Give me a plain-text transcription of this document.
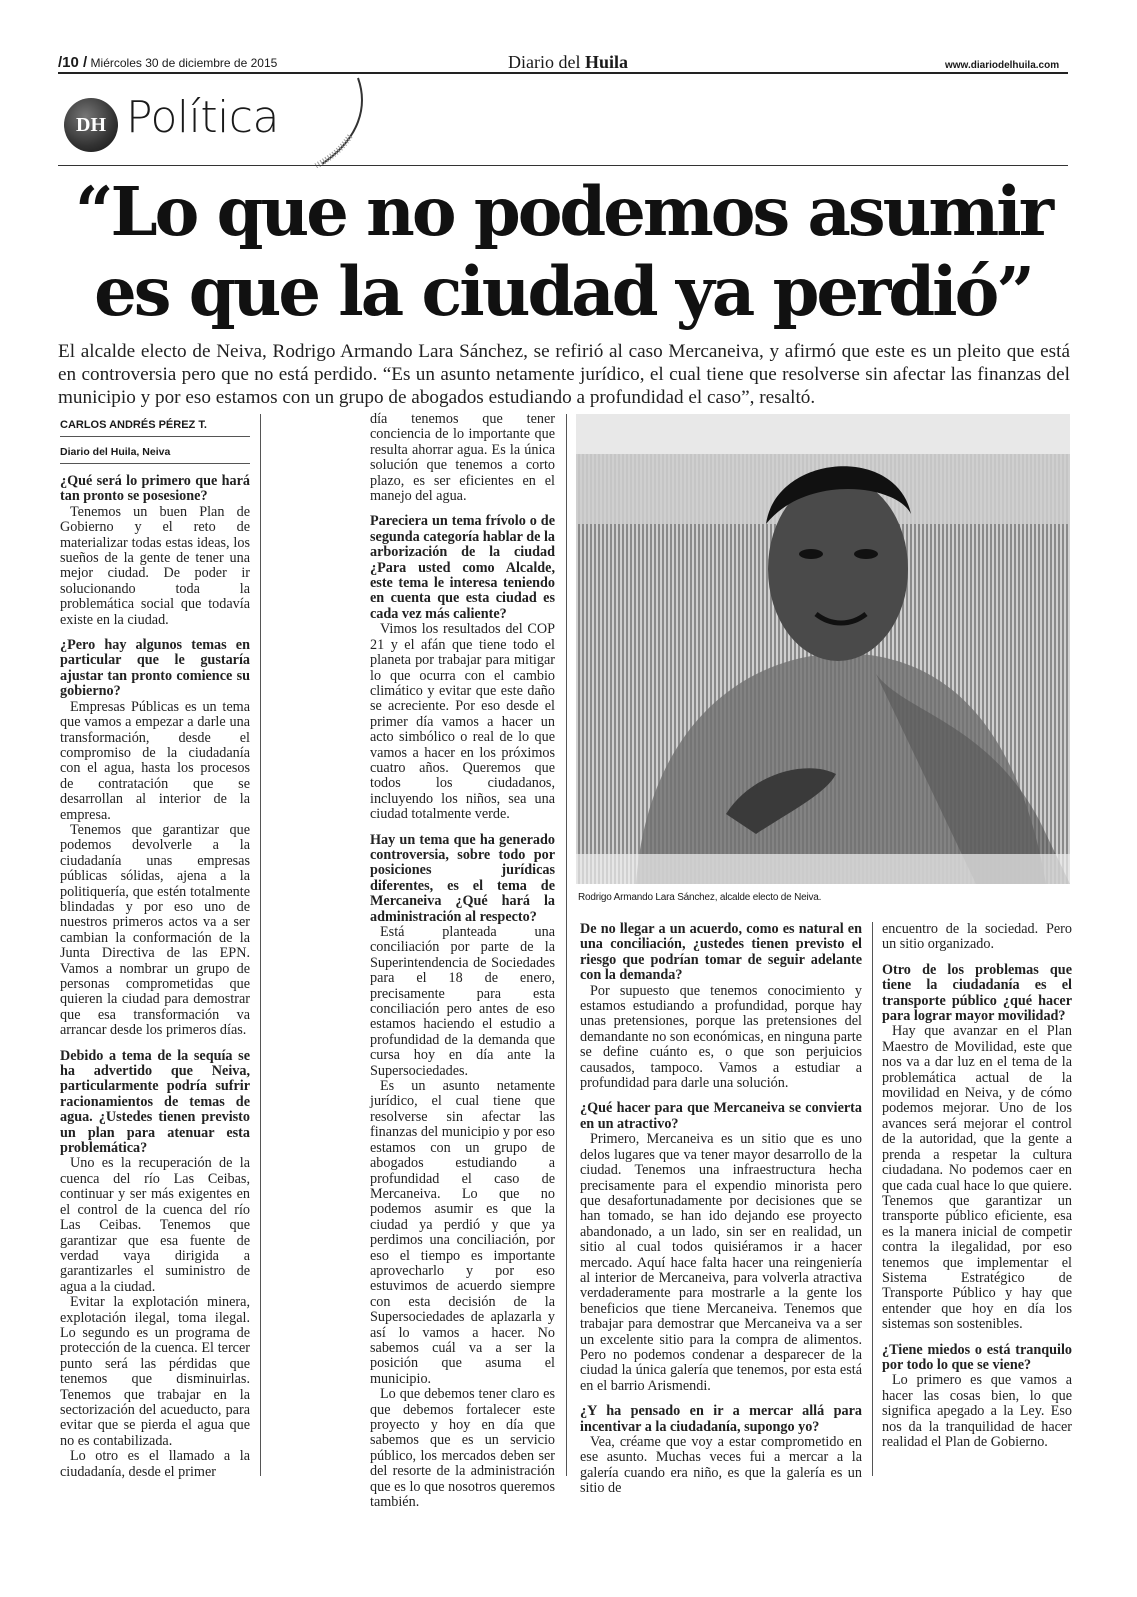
/10 / Miércoles 30 de diciembre de 2015	Diario del Huila	www.diariodelhuila.com
DH Política
“Lo que no podemos asumir
es que la ciudad ya perdió”
El alcalde electo de Neiva, Rodrigo Armando Lara Sánchez, se refirió al caso Mercaneiva, y afirmó que este es un pleito que está en controversia pero que no está perdido. “Es un asunto netamente jurídico, el cual tiene que resolverse sin afectar las finanzas del municipio y por eso estamos con un grupo de abogados estudiando a profundidad el caso”, resaltó.
CARLOS ANDRÉS PÉREZ T.
Diario del Huila, Neiva
¿Qué será lo primero que hará tan pronto se posesione?

Tenemos un buen Plan de Gobierno y el reto de materializar todas estas ideas, los sueños de la gente de tener una mejor ciudad. De poder ir solucionando toda la problemática social que todavía existe en la ciudad.

¿Pero hay algunos temas en particular que le gustaría ajustar tan pronto comience su gobierno?

Empresas Públicas es un tema que vamos a empezar a darle una transformación, desde el compromiso de la ciudadanía con el agua, hasta los procesos de contratación que se desarrollan al interior de la empresa.

Tenemos que garantizar que podemos devolverle a la ciudadanía unas empresas públicas sólidas, ajena a la politiquería, que estén totalmente blindadas y por eso uno de nuestros primeros actos va a ser cambian la conformación de la Junta Directiva de las EPN. Vamos a nombrar un grupo de personas comprometidas que quieren la ciudad para demostrar que esa transformación va arrancar desde los primeros días.

Debido a tema de la sequía se ha advertido que Neiva, particularmente podría sufrir racionamientos de temas de agua. ¿Ustedes tienen previsto un plan para atenuar esta problemática?

Uno es la recuperación de la cuenca del río Las Ceibas, continuar y ser más exigentes en el control de la cuenca del río Las Ceibas. Tenemos que garantizar que esa fuente de verdad vaya dirigida a garantizarles el suministro de agua a la ciudad.

Evitar la explotación minera, explotación ilegal, toma ilegal. Lo segundo es un programa de protección de la cuenca. El tercer punto será las pérdidas que tenemos que disminuirlas. Tenemos que trabajar en la sectorización del acueducto, para evitar que se pierda el agua que no es contabilizada.

Lo otro es el llamado a la ciudadanía, desde el primer

día tenemos que tener conciencia de lo importante que resulta ahorrar agua. Es la única solución que tenemos a corto plazo, es ser eficientes en el manejo del agua.

Pareciera un tema frívolo o de segunda categoría hablar de la arborización de la ciudad ¿Para usted como Alcalde, este tema le interesa teniendo en cuenta que esta ciudad es cada vez más caliente?

Vimos los resultados del COP 21 y el afán que tiene todo el planeta por trabajar para mitigar lo que ocurra con el cambio climático y evitar que este daño se acreciente. Por eso desde el primer día vamos a hacer un acto simbólico o real de lo que vamos a hacer en los próximos cuatro años. Queremos que todos los ciudadanos, incluyendo los niños, sea una ciudad totalmente verde.

Hay un tema que ha generado controversia, sobre todo por posiciones jurídicas diferentes, es el tema de Mercaneiva ¿Qué hará la administración al respecto?

Está planteada una conciliación por parte de la Superintendencia de Sociedades para el 18 de enero, precisamente para esta conciliación pero antes de eso estamos haciendo el estudio a profundidad de la demanda que cursa hoy en día ante la Supersociedades.

Es un asunto netamente jurídico, el cual tiene que resolverse sin afectar las finanzas del municipio y por eso estamos con un grupo de abogados estudiando a profundidad el caso de Mercaneiva. Lo que no podemos asumir es que la ciudad ya perdió y que ya perdimos una conciliación, por eso el tiempo es importante aprovecharlo y por eso estuvimos de acuerdo siempre con esta decisión de la Supersociedades de aplazarla y así lo vamos a hacer. No sabemos cuál va a ser la posición que asuma el municipio.

Lo que debemos tener claro es que debemos fortalecer este proyecto y hoy en día que sabemos que es un servicio público, los mercados deben ser del resorte de la administración que es lo que nosotros queremos también.

De no llegar a un acuerdo, como es natural en una conciliación, ¿ustedes tienen previsto el riesgo que podrían tomar de seguir adelante con la demanda?

Por supuesto que tenemos conocimiento y estamos estudiando a profundidad, porque hay unas pretensiones, porque las pretensiones del demandante no son económicas, en ninguna parte se define cuánto es, o que son perjuicios causados, tampoco. Vamos a estudiar a profundidad para darle una solución.

¿Qué hacer para que Mercaneiva se convierta en un atractivo?

Primero, Mercaneiva es un sitio que es uno delos lugares que va tener mayor desarrollo de la ciudad. Tenemos una infraestructura hecha precisamente para el expendio minorista pero que desafortunadamente por decisiones que se han tomado, se han ido dejando ese proyecto abandonado, a un lado, sin ser en realidad, un sitio al cual todos quisiéramos ir a hacer mercado. Aquí hace falta hacer una reingeniería al interior de Mercaneiva, para volverla atractiva verdaderamente para mostrarle a la gente los beneficios que tiene Mercaneiva. Tenemos que trabajar para demostrar que Mercaneiva va a ser un excelente sitio para la compra de alimentos. Pero no podemos condenar a desparecer de la ciudad la única galería que tenemos, por esta está en el barrio Arismendi.

¿Y ha pensado en ir a mercar allá para incentivar a la ciudadanía, supongo yo?

Vea, créame que voy a estar comprometido en ese asunto. Muchas veces fui a mercar a la galería cuando era niño, es que la galería es un sitio de

encuentro de la sociedad. Pero un sitio organizado.

Otro de los problemas que tiene la ciudadanía es el transporte público ¿qué hacer para lograr mayor movilidad?

Hay que avanzar en el Plan Maestro de Movilidad, este que nos va a dar luz en el tema de la problemática actual de la movilidad en Neiva, y de cómo podemos mejorar. Uno de los avances será mejorar el control de la autoridad, que la gente a prenda a respetar la cultura ciudadana. No podemos caer en que cada cual hace lo que quiere. Tenemos que garantizar un transporte público eficiente, esa es la manera inicial de competir contra la ilegalidad, por eso tenemos que implementar el Sistema Estratégico de Transporte Público y hay que entender que hoy en día los sistemas son sostenibles.

¿Tiene miedos o está tranquilo por todo lo que se viene?

Lo primero es que vamos a hacer las cosas bien, lo que significa apegado a la Ley. Eso nos da la tranquilidad de hacer realidad el Plan de Gobierno.

Rodrigo Armando Lara Sánchez, alcalde electo de Neiva.
